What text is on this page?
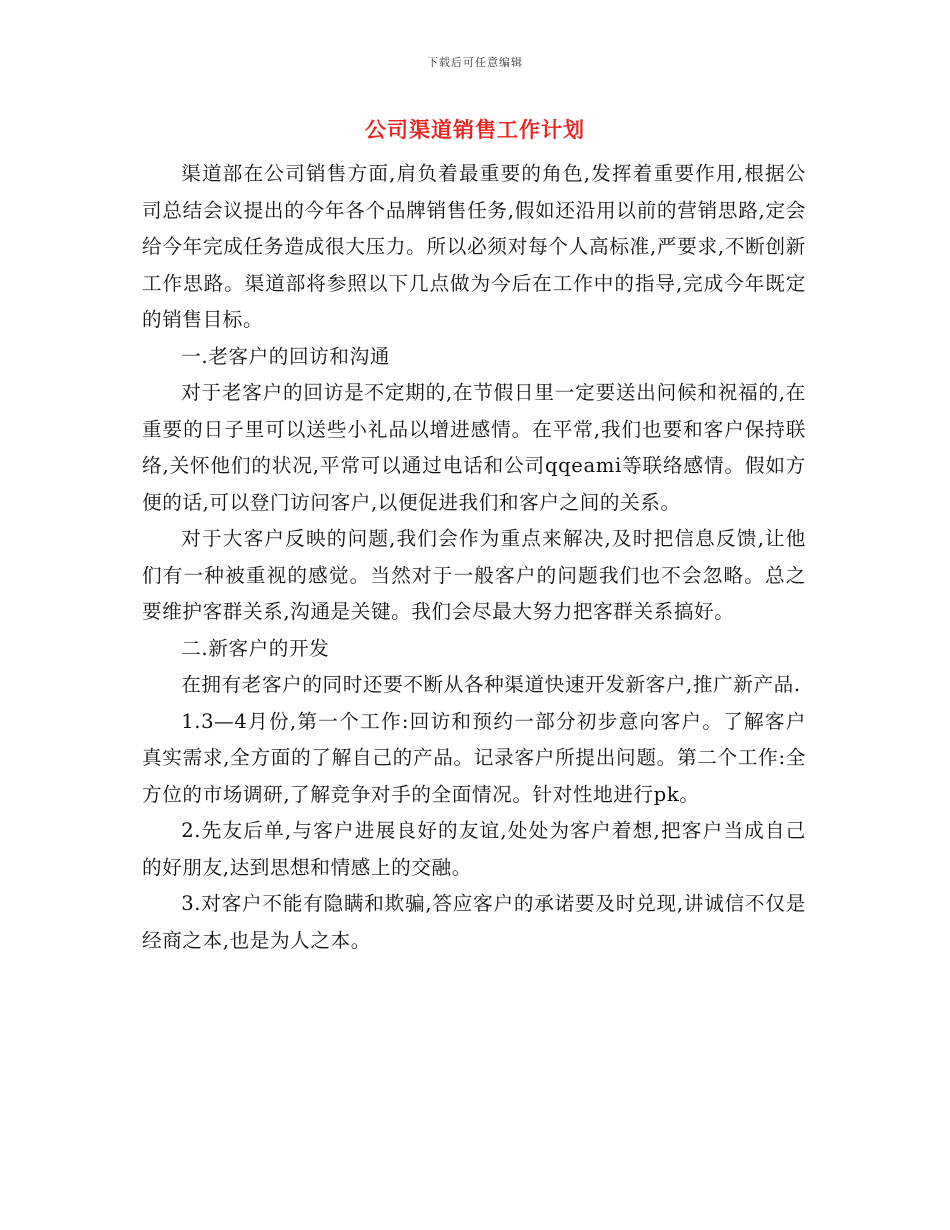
下载后可任意编辑
公司渠道销售工作计划

渠道部在公司销售方面,肩负着最重要的角色,发挥着重要作用,根据公司总结会议提出的今年各个品牌销售任务,假如还沿用以前的营销思路,定会给今年完成任务造成很大压力。所以必须对每个人高标准,严要求,不断创新工作思路。渠道部将参照以下几点做为今后在工作中的指导,完成今年既定的销售目标。

一.老客户的回访和沟通

对于老客户的回访是不定期的,在节假日里一定要送出问候和祝福的,在重要的日子里可以送些小礼品以增进感情。在平常,我们也要和客户保持联络,关怀他们的状况,平常可以通过电话和公司qqeami等联络感情。假如方便的话,可以登门访问客户,以便促进我们和客户之间的关系。

对于大客户反映的问题,我们会作为重点来解决,及时把信息反馈,让他们有一种被重视的感觉。当然对于一般客户的问题我们也不会忽略。总之要维护客群关系,沟通是关键。我们会尽最大努力把客群关系搞好。

二.新客户的开发

在拥有老客户的同时还要不断从各种渠道快速开发新客户,推广新产品.

1.3—4月份,第一个工作:回访和预约一部分初步意向客户。了解客户真实需求,全方面的了解自己的产品。记录客户所提出问题。第二个工作:全方位的市场调研,了解竞争对手的全面情况。针对性地进行pk。

2.先友后单,与客户进展良好的友谊,处处为客户着想,把客户当成自己的好朋友,达到思想和情感上的交融。

3.对客户不能有隐瞒和欺骗,答应客户的承诺要及时兑现,讲诚信不仅是经商之本,也是为人之本。
